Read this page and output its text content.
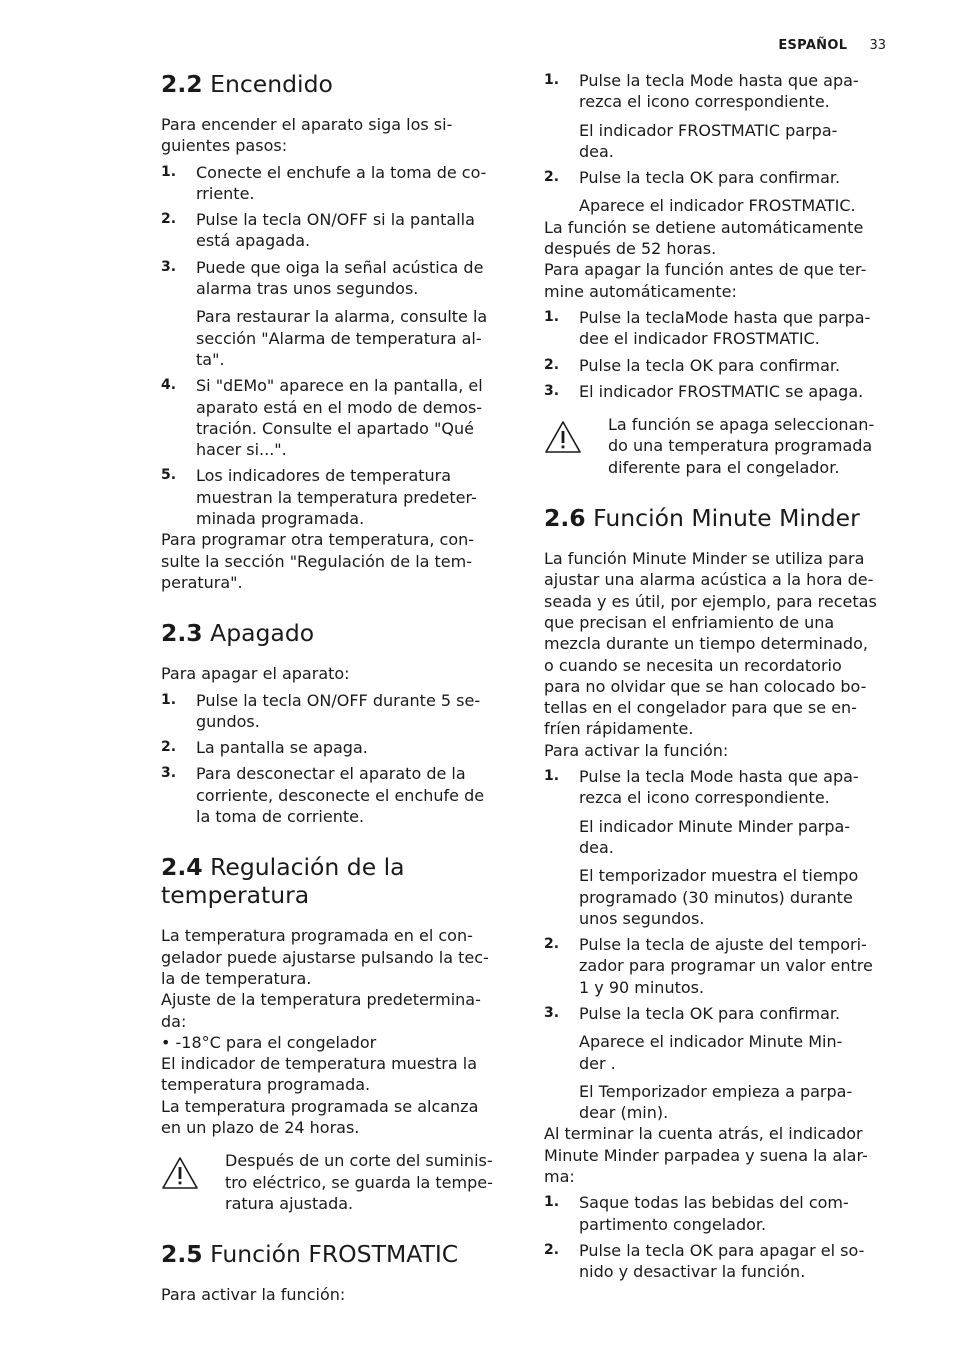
ESPAÑOL 33
2.2 Encendido

Para encender el aparato siga los si-
guientes pasos:

1. Conecte el enchufe a la toma de co-
rriente.
2. Pulse la tecla ON/OFF si la pantalla
está apagada.
3. Puede que oiga la señal acústica de
alarma tras unos segundos.
Para restaurar la alarma, consulte la
sección "Alarma de temperatura al-
ta".
4. Si "dEMo" aparece en la pantalla, el
aparato está en el modo de demos-
tración. Consulte el apartado "Qué
hacer si...".
5. Los indicadores de temperatura
muestran la temperatura predeter-
minada programada.

Para programar otra temperatura, con-
sulte la sección "Regulación de la tem-
peratura".

2.3 Apagado

Para apagar el aparato:

1. Pulse la tecla ON/OFF durante 5 se-
gundos.
2. La pantalla se apaga.
3. Para desconectar el aparato de la
corriente, desconecte el enchufe de
la toma de corriente.
2.4 Regulación de la
temperatura

La temperatura programada en el con-
gelador puede ajustarse pulsando la tec-
la de temperatura.
Ajuste de la temperatura predetermina-
da:

• -18°C para el congelador

El indicador de temperatura muestra la
temperatura programada.
La temperatura programada se alcanza
en un plazo de 24 horas.

Después de un corte del suminis-
tro eléctrico, se guarda la tempe-
ratura ajustada.
2.5 Función FROSTMATIC

Para activar la función:

1. Pulse la tecla Mode hasta que apa-
rezca el icono correspondiente.
El indicador FROSTMATIC parpa-
dea.
2. Pulse la tecla OK para confirmar.
Aparece el indicador FROSTMATIC.

La función se detiene automáticamente
después de 52 horas.
Para apagar la función antes de que ter-
mine automáticamente:

1. Pulse la teclaMode hasta que parpa-
dee el indicador FROSTMATIC.
2. Pulse la tecla OK para confirmar.
3. El indicador FROSTMATIC se apaga.
La función se apaga seleccionan-
do una temperatura programada
diferente para el congelador.
2.6 Función Minute Minder

La función Minute Minder se utiliza para
ajustar una alarma acústica a la hora de-
seada y es útil, por ejemplo, para recetas
que precisan el enfriamiento de una
mezcla durante un tiempo determinado,
o cuando se necesita un recordatorio
para no olvidar que se han colocado bo-
tellas en el congelador para que se en-
fríen rápidamente.
Para activar la función:

1. Pulse la tecla Mode hasta que apa-
rezca el icono correspondiente.
El indicador Minute Minder parpa-
dea.
El temporizador muestra el tiempo
programado (30 minutos) durante
unos segundos.
2. Pulse la tecla de ajuste del tempori-
zador para programar un valor entre
1 y 90 minutos.
3. Pulse la tecla OK para confirmar.
Aparece el indicador Minute Min-
der .
El Temporizador empieza a parpa-
dear (min).

Al terminar la cuenta atrás, el indicador
Minute Minder parpadea y suena la alar-
ma:

1. Saque todas las bebidas del com-
partimento congelador.
2. Pulse la tecla OK para apagar el so-
nido y desactivar la función.
